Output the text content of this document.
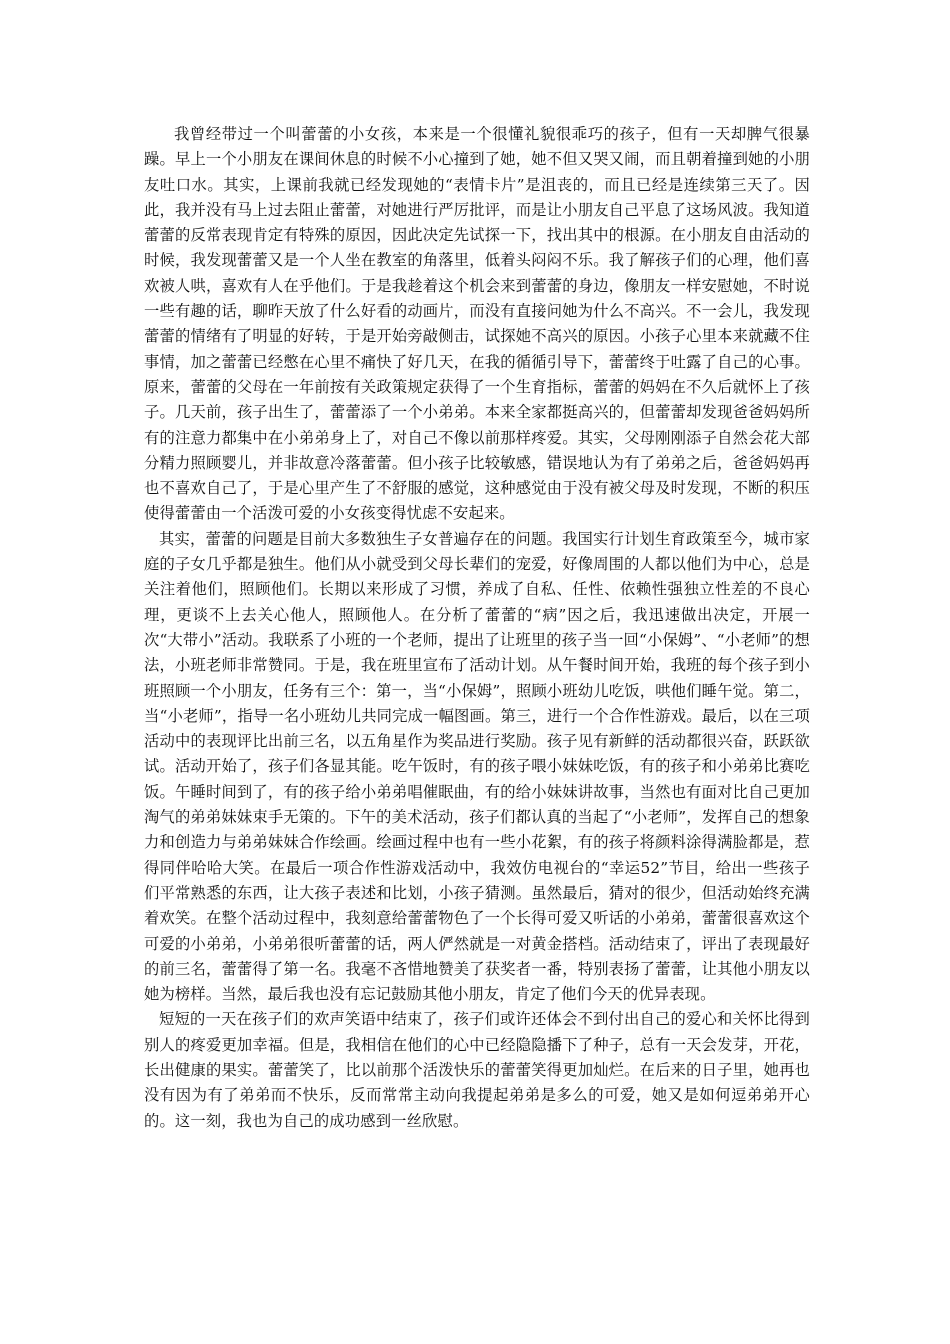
我曾经带过一个叫蕾蕾的小女孩，本来是一个很懂礼貌很乖巧的孩子，但有一天却脾气很暴躁。早上一个小朋友在课间休息的时候不小心撞到了她，她不但又哭又闹，而且朝着撞到她的小朋友吐口水。其实，上课前我就已经发现她的“表情卡片”是沮丧的，而且已经是连续第三天了。因此，我并没有马上过去阻止蕾蕾，对她进行严厉批评，而是让小朋友自己平息了这场风波。我知道蕾蕾的反常表现肯定有特殊的原因，因此决定先试探一下，找出其中的根源。在小朋友自由活动的时候，我发现蕾蕾又是一个人坐在教室的角落里，低着头闷闷不乐。我了解孩子们的心理，他们喜欢被人哄，喜欢有人在乎他们。于是我趁着这个机会来到蕾蕾的身边，像朋友一样安慰她，不时说一些有趣的话，聊昨天放了什么好看的动画片，而没有直接问她为什么不高兴。不一会儿，我发现蕾蕾的情绪有了明显的好转，于是开始旁敲侧击，试探她不高兴的原因。小孩子心里本来就藏不住事情，加之蕾蕾已经憋在心里不痛快了好几天，在我的循循引导下，蕾蕾终于吐露了自己的心事。原来，蕾蕾的父母在一年前按有关政策规定获得了一个生育指标，蕾蕾的妈妈在不久后就怀上了孩子。几天前，孩子出生了，蕾蕾添了一个小弟弟。本来全家都挺高兴的，但蕾蕾却发现爸爸妈妈所有的注意力都集中在小弟弟身上了，对自己不像以前那样疼爱。其实，父母刚刚添子自然会花大部分精力照顾婴儿，并非故意冷落蕾蕾。但小孩子比较敏感，错误地认为有了弟弟之后，爸爸妈妈再也不喜欢自己了，于是心里产生了不舒服的感觉，这种感觉由于没有被父母及时发现，不断的积压使得蕾蕾由一个活泼可爱的小女孩变得忧虑不安起来。

其实，蕾蕾的问题是目前大多数独生子女普遍存在的问题。我国实行计划生育政策至今，城市家庭的子女几乎都是独生。他们从小就受到父母长辈们的宠爱，好像周围的人都以他们为中心，总是关注着他们，照顾他们。长期以来形成了习惯，养成了自私、任性、依赖性强独立性差的不良心理，更谈不上去关心他人，照顾他人。在分析了蕾蕾的“病”因之后，我迅速做出决定，开展一次“大带小”活动。我联系了小班的一个老师，提出了让班里的孩子当一回“小保姆”、“小老师”的想法，小班老师非常赞同。于是，我在班里宣布了活动计划。从午餐时间开始，我班的每个孩子到小班照顾一个小朋友，任务有三个：第一，当“小保姆”，照顾小班幼儿吃饭，哄他们睡午觉。第二，当“小老师”，指导一名小班幼儿共同完成一幅图画。第三，进行一个合作性游戏。最后，以在三项活动中的表现评比出前三名，以五角星作为奖品进行奖励。孩子见有新鲜的活动都很兴奋，跃跃欲试。活动开始了，孩子们各显其能。吃午饭时，有的孩子喂小妹妹吃饭，有的孩子和小弟弟比赛吃饭。午睡时间到了，有的孩子给小弟弟唱催眠曲，有的给小妹妹讲故事，当然也有面对比自己更加淘气的弟弟妹妹束手无策的。下午的美术活动，孩子们都认真的当起了“小老师”，发挥自己的想象力和创造力与弟弟妹妹合作绘画。绘画过程中也有一些小花絮，有的孩子将颜料涂得满脸都是，惹得同伴哈哈大笑。在最后一项合作性游戏活动中，我效仿电视台的“幸运52”节目，给出一些孩子们平常熟悉的东西，让大孩子表述和比划，小孩子猜测。虽然最后，猜对的很少，但活动始终充满着欢笑。在整个活动过程中，我刻意给蕾蕾物色了一个长得可爱又听话的小弟弟，蕾蕾很喜欢这个可爱的小弟弟，小弟弟很听蕾蕾的话，两人俨然就是一对黄金搭档。活动结束了，评出了表现最好的前三名，蕾蕾得了第一名。我毫不吝惜地赞美了获奖者一番，特别表扬了蕾蕾，让其他小朋友以她为榜样。当然，最后我也没有忘记鼓励其他小朋友，肯定了他们今天的优异表现。

短短的一天在孩子们的欢声笑语中结束了，孩子们或许还体会不到付出自己的爱心和关怀比得到别人的疼爱更加幸福。但是，我相信在他们的心中已经隐隐播下了种子，总有一天会发芽，开花，长出健康的果实。蕾蕾笑了，比以前那个活泼快乐的蕾蕾笑得更加灿烂。在后来的日子里，她再也没有因为有了弟弟而不快乐，反而常常主动向我提起弟弟是多么的可爱，她又是如何逗弟弟开心的。这一刻，我也为自己的成功感到一丝欣慰。
